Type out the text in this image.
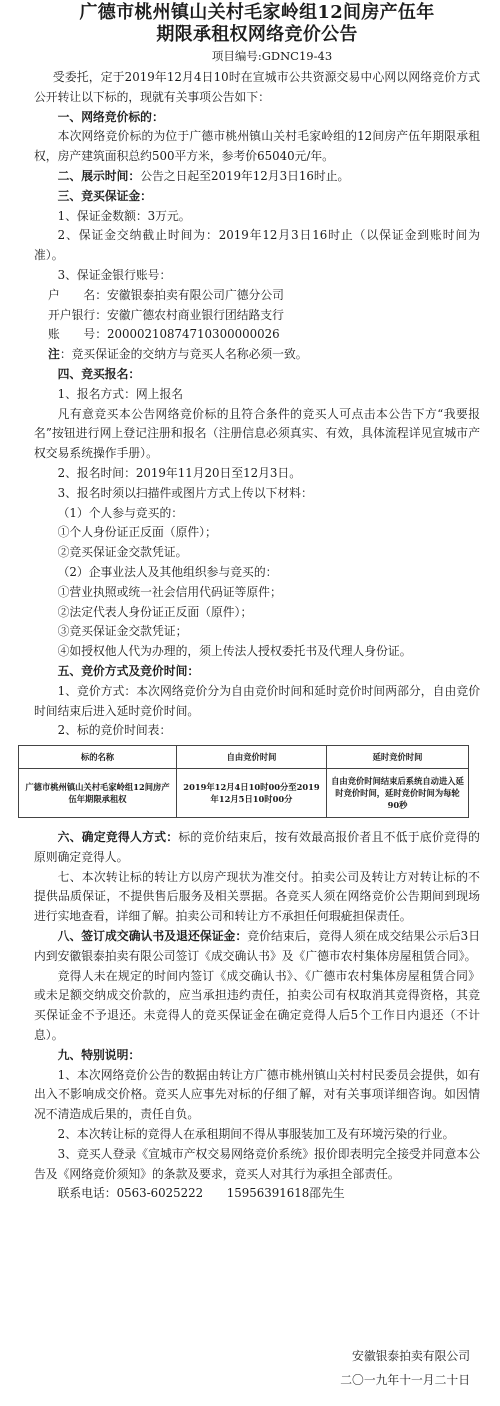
广德市桃州镇山关村毛家岭组12间房产伍年
期限承租权网络竞价公告
项目编号:GDNC19-43

受委托，定于2019年12月4日10时在宣城市公共资源交易中心网以网络竞价方式公开转让以下标的，现就有关事项公告如下：

一、网络竞价标的：

本次网络竞价标的为位于广德市桃州镇山关村毛家岭组的12间房产伍年期限承租权，房产建筑面积总约500平方米，参考价65040元/年。

二、展示时间：公告之日起至2019年12月3日16时止。

三、竞买保证金：

1、保证金数额：3万元。

2、保证金交纳截止时间为：2019年12月3日16时止（以保证金到账时间为准）。

3、保证金银行账号：

户　　名：安徽银泰拍卖有限公司广德分公司

开户银行：安徽广德农村商业银行团结路支行

账　　号：20000210874710300000026

注：竞买保证金的交纳方与竞买人名称必须一致。

四、竞买报名：

1、报名方式：网上报名

凡有意竞买本公告网络竞价标的且符合条件的竞买人可点击本公告下方“我要报名”按钮进行网上登记注册和报名（注册信息必须真实、有效，具体流程详见宣城市产权交易系统操作手册）。

2、报名时间：2019年11月20日至12月3日。

3、报名时须以扫描件或图片方式上传以下材料：

（1）个人参与竞买的：

①个人身份证正反面（原件）；

②竞买保证金交款凭证。

（2）企事业法人及其他组织参与竞买的：

①营业执照或统一社会信用代码证等原件；

②法定代表人身份证正反面（原件）；

③竞买保证金交款凭证；

④如授权他人代为办理的，须上传法人授权委托书及代理人身份证。

五、竞价方式及竞价时间：

1、竞价方式：本次网络竞价分为自由竞价时间和延时竞价时间两部分，自由竞价时间结束后进入延时竞价时间。

2、标的竞价时间表：

标的名称	自由竞价时间	延时竞价时间
广德市桃州镇山关村毛家岭组12间房产伍年期限承租权	2019年12月4日10时00分至2019年12月5日10时00分	自由竞价时间结束后系统自动进入延时竞价时间，延时竞价时间为每轮90秒

六、确定竞得人方式：标的竞价结束后，按有效最高报价者且不低于底价竞得的原则确定竞得人。

七、本次转让标的转让方以房产现状为准交付。拍卖公司及转让方对转让标的不提供品质保证，不提供售后服务及相关票据。各竞买人须在网络竞价公告期间到现场进行实地查看，详细了解。拍卖公司和转让方不承担任何瑕疵担保责任。

八、签订成交确认书及退还保证金：竞价结束后，竞得人须在成交结果公示后3日内到安徽银泰拍卖有限公司签订《成交确认书》及《广德市农村集体房屋租赁合同》。

竞得人未在规定的时间内签订《成交确认书》、《广德市农村集体房屋租赁合同》或未足额交纳成交价款的，应当承担违约责任，拍卖公司有权取消其竞得资格，其竞买保证金不予退还。未竞得人的竞买保证金在确定竞得人后5个工作日内退还（不计息）。

九、特别说明：

1、本次网络竞价公告的数据由转让方广德市桃州镇山关村村民委员会提供，如有出入不影响成交价格。竞买人应事先对标的仔细了解，对有关事项详细咨询。如因情况不清造成后果的，责任自负。

2、本次转让标的竞得人在承租期间不得从事服装加工及有环境污染的行业。

3、竞买人登录《宣城市产权交易网络竞价系统》报价即表明完全接受并同意本公告及《网络竞价须知》的条款及要求，竞买人对其行为承担全部责任。

联系电话：0563-6025222　　15956391618邵先生

安徽银泰拍卖有限公司
二〇一九年十一月二十日
